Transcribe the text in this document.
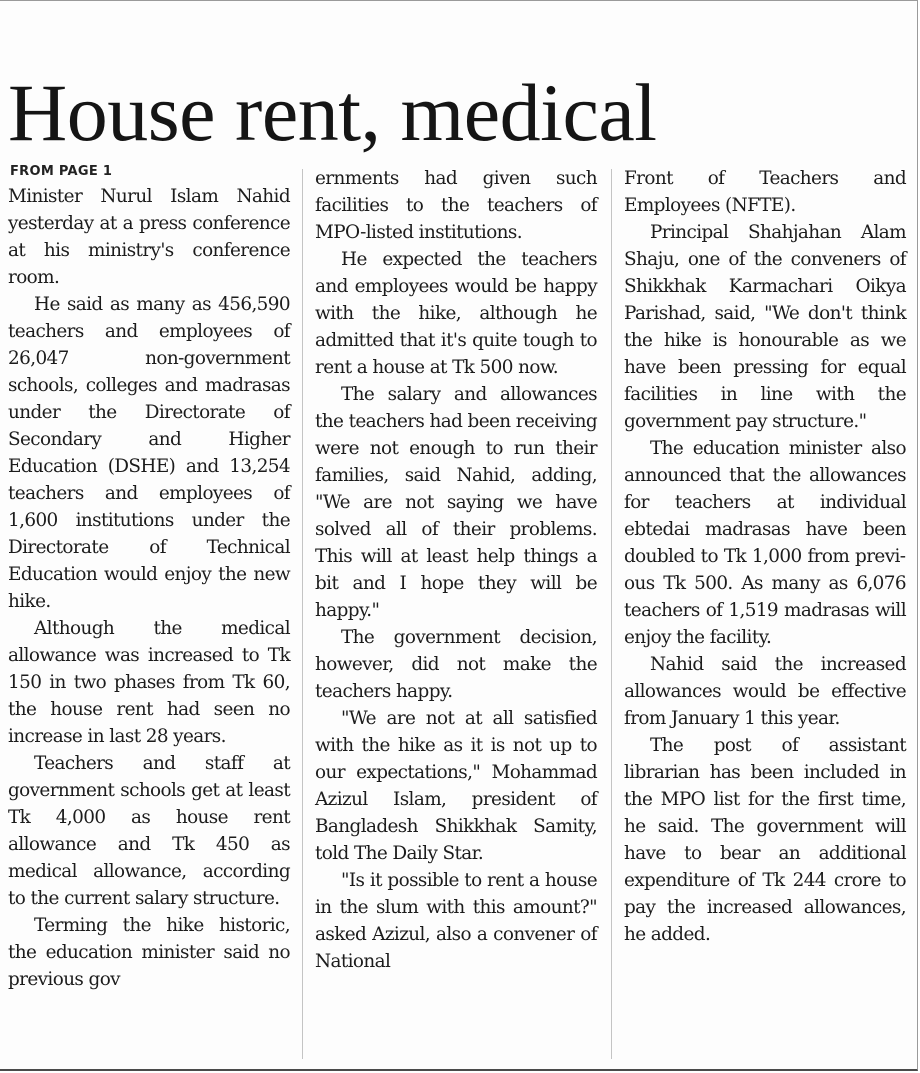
House rent, medical
FROM PAGE 1

Minister Nurul Islam Nahid yesterday at a press conference at his ministry's conference room.

He said as many as 456,590 teachers and employees of 26,047 non-government schools, colleges and madrasas under the Directorate of Secondary and Higher Education (DSHE) and 13,254 teachers and employees of 1,600 institutions under the Directorate of Technical Education would enjoy the new hike.

Although the medical allowance was increased to Tk 150 in two phases from Tk 60, the house rent had seen no increase in last 28 years.

Teachers and staff at government schools get at least Tk 4,000 as house rent allowance and Tk 450 as medical allowance, according to the current salary structure.

Terming the hike historic, the education minister said no previous gov

ernments had given such facilities to the teachers of MPO-listed institutions.

He expected the teachers and employees would be happy with the hike, although he admitted that it's quite tough to rent a house at Tk 500 now.

The salary and allowances the teachers had been receiving were not enough to run their families, said Nahid, adding, "We are not saying we have solved all of their problems. This will at least help things a bit and I hope they will be happy."

The government decision, however, did not make the teachers happy.

"We are not at all satisfied with the hike as it is not up to our expectations," Mohammad Azizul Islam, president of Bangladesh Shikkhak Samity, told The Daily Star.

"Is it possible to rent a house in the slum with this amount?" asked Azizul, also a convener of National

Front of Teachers and Employees (NFTE).

Principal Shahjahan Alam Shaju, one of the conveners of Shikkhak Karmachari Oikya Parishad, said, "We don't think the hike is honourable as we have been pressing for equal facilities in line with the government pay structure."

The education minister also announced that the allowances for teachers at individual ebtedai madrasas have been doubled to Tk 1,000 from previous Tk 500. As many as 6,076 teachers of 1,519 madrasas will enjoy the facility.

Nahid said the increased allowances would be effective from January 1 this year.

The post of assistant librarian has been included in the MPO list for the first time, he said. The government will have to bear an additional expenditure of Tk 244 crore to pay the increased allowances, he added.
